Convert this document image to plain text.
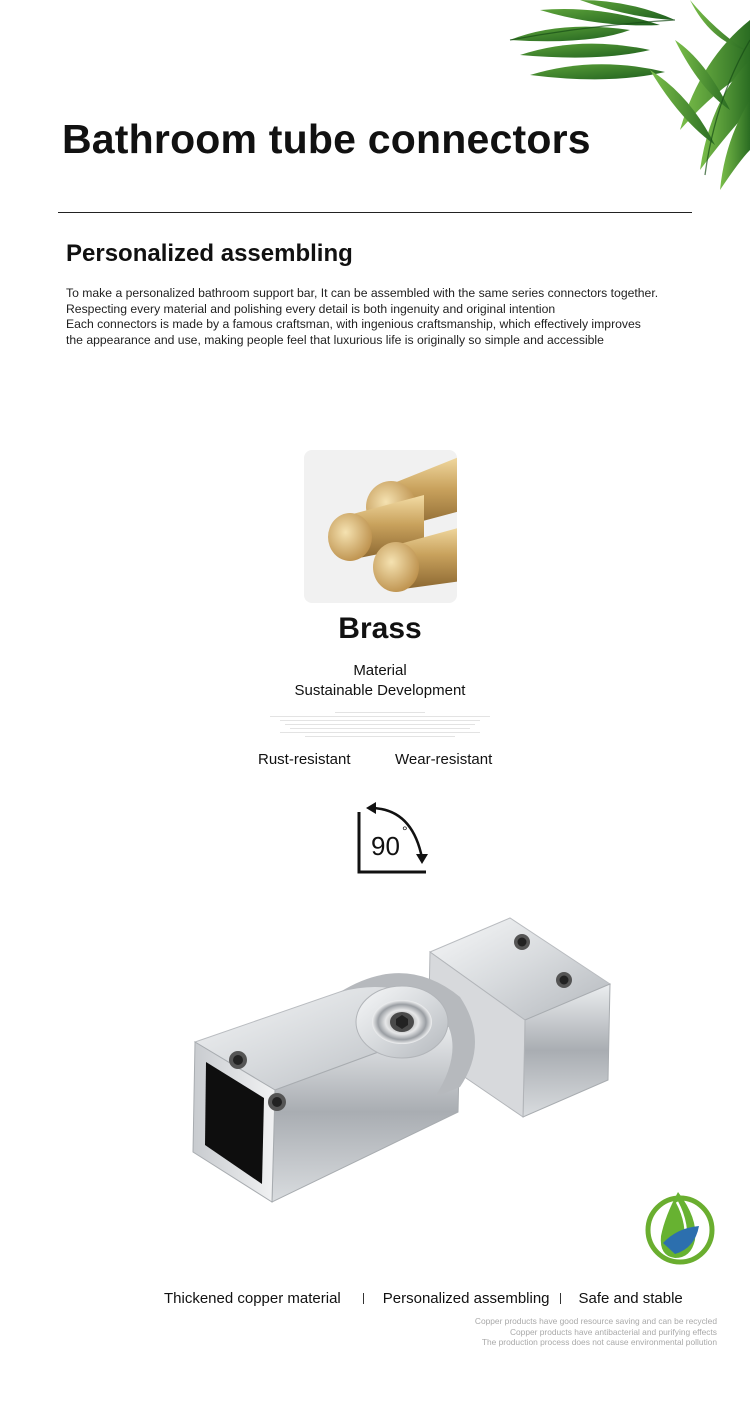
Bathroom tube connectors
Personalized assembling
To make a personalized bathroom support bar, It can be assembled with the same series connectors together.
Respecting every material and polishing every detail is both ingenuity and original intention
Each connectors is made by a famous craftsman, with ingenious craftsmanship, which effectively improves
the appearance and use, making people feel that luxurious life is originally so simple and accessible
Brass
Material
Sustainable Development
Rust-resistant	Wear-resistant
90 °
Thickened copper material	Personalized assembling Safe and stable
Copper products have good resource saving and can be recycled
Copper products have antibacterial and purifying effects
The production process does not cause environmental pollution
